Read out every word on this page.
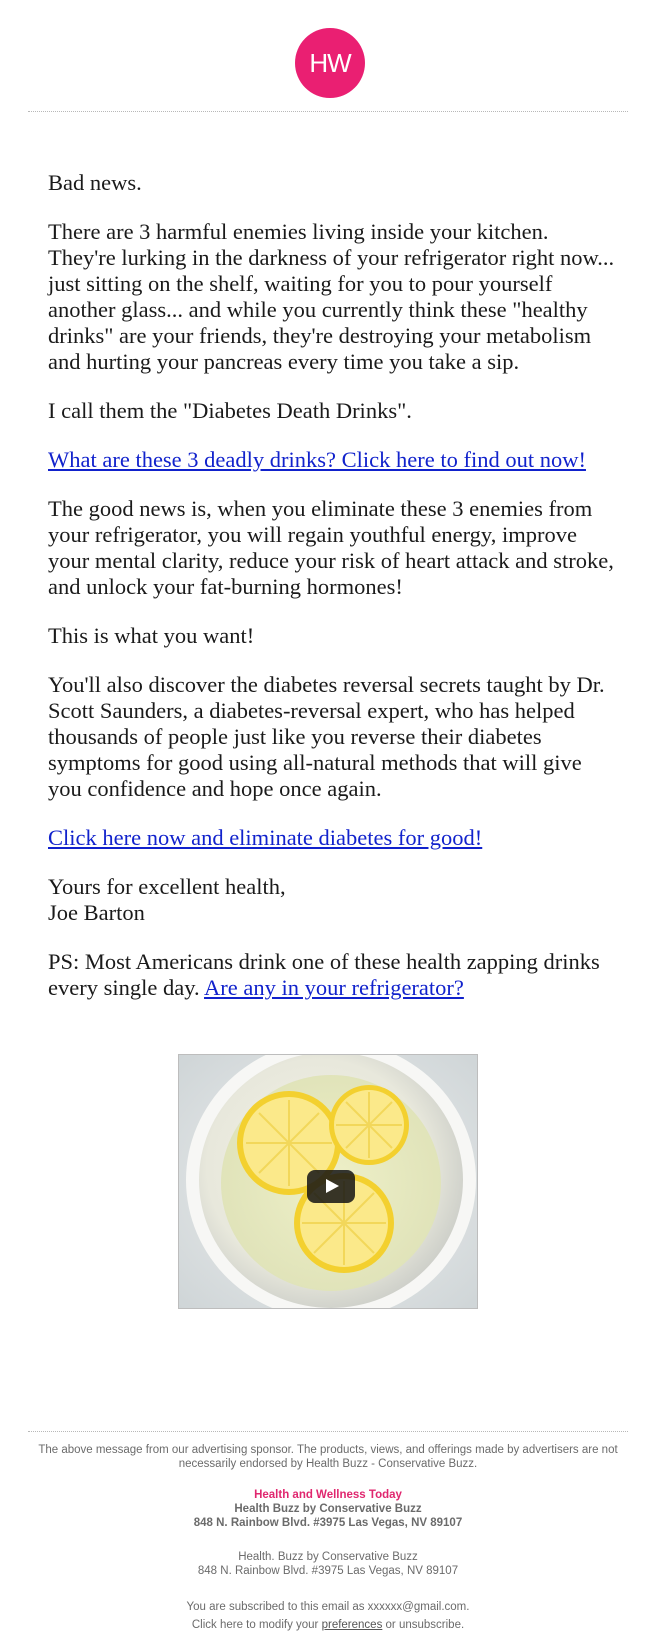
HW

Bad news.

There are 3 harmful enemies living inside your kitchen. They're lurking in the darkness of your refrigerator right now... just sitting on the shelf, waiting for you to pour yourself another glass... and while you currently think these "healthy drinks" are your friends, they're destroying your metabolism and hurting your pancreas every time you take a sip.

I call them the "Diabetes Death Drinks".

What are these 3 deadly drinks? Click here to find out now!

The good news is, when you eliminate these 3 enemies from your refrigerator, you will regain youthful energy, improve your mental clarity, reduce your risk of heart attack and stroke, and unlock your fat-burning hormones!

This is what you want!

You'll also discover the diabetes reversal secrets taught by Dr. Scott Saunders, a diabetes-reversal expert, who has helped thousands of people just like you reverse their diabetes symptoms for good using all-natural methods that will give you confidence and hope once again.

Click here now and eliminate diabetes for good!

Yours for excellent health,
Joe Barton

PS: Most Americans drink one of these health zapping drinks every single day. Are any in your refrigerator?

The above message from our advertising sponsor. The products, views, and offerings made by advertisers are not necessarily endorsed by Health Buzz - Conservative Buzz.

Health and Wellness Today
Health Buzz by Conservative Buzz
848 N. Rainbow Blvd. #3975 Las Vegas, NV 89107
Health. Buzz by Conservative Buzz
848 N. Rainbow Blvd. #3975 Las Vegas, NV 89107
You are subscribed to this email as xxxxxx@gmail.com.
Click here to modify your preferences or unsubscribe.
